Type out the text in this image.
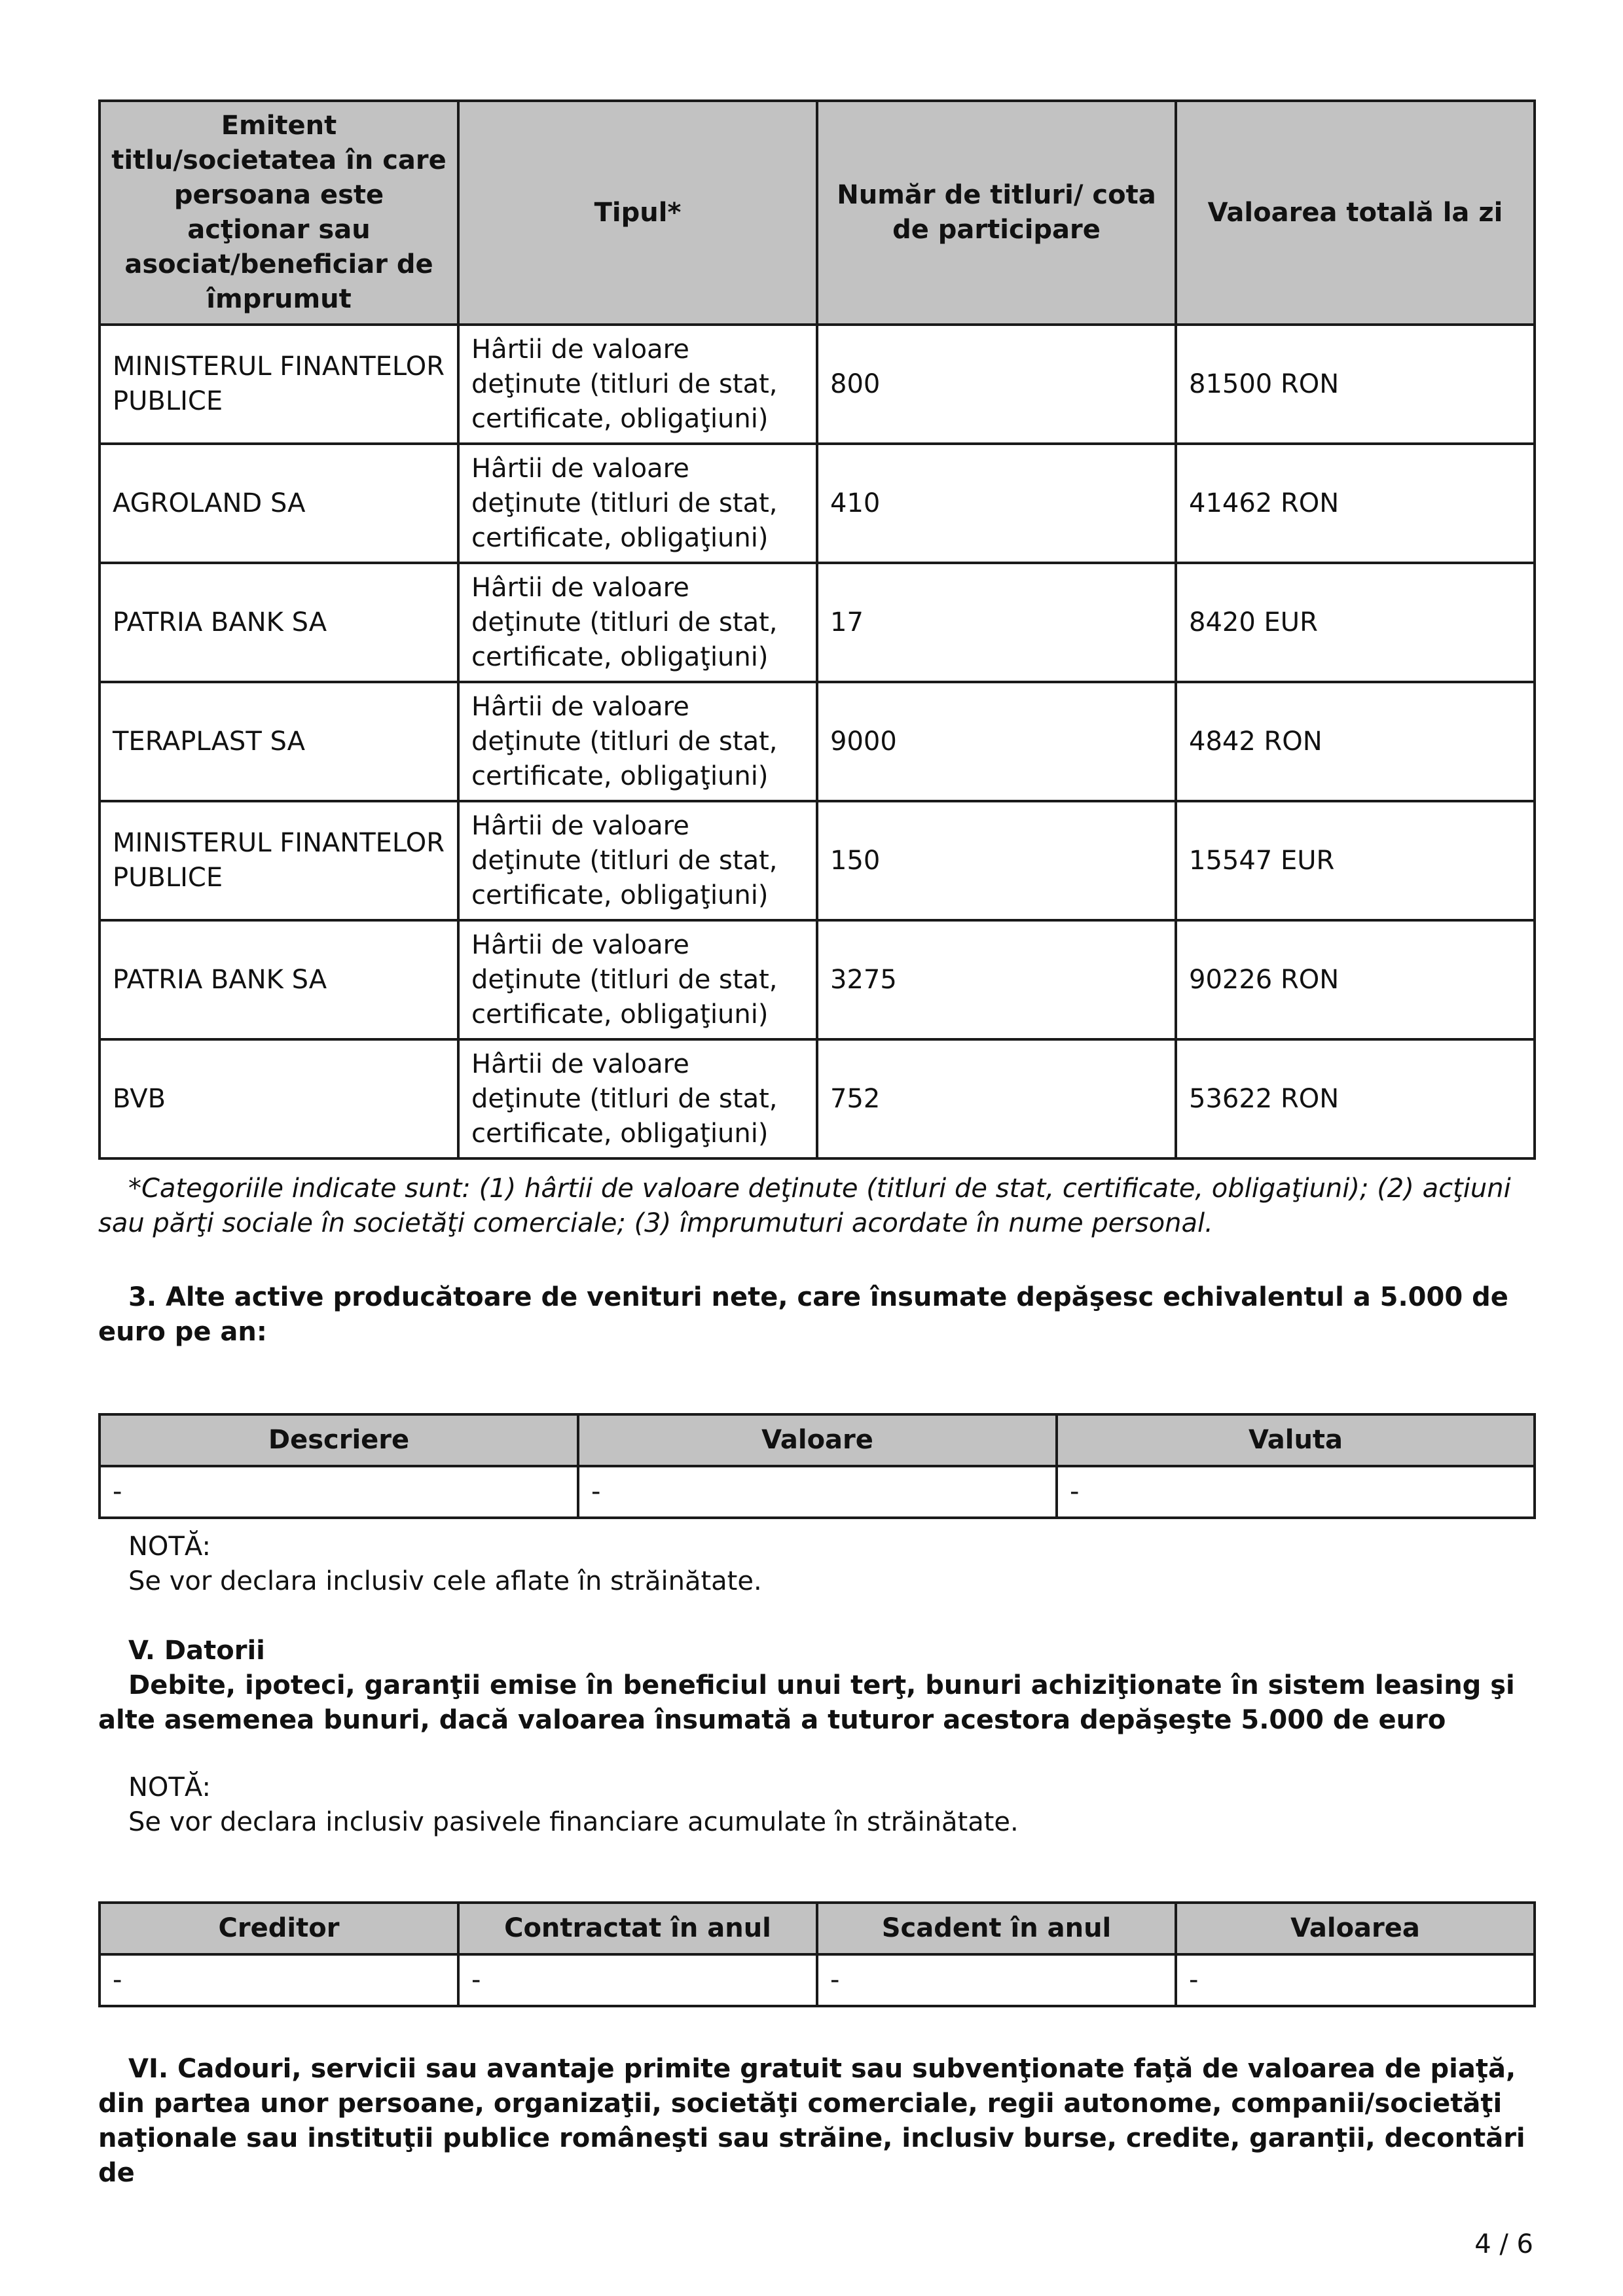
Emitent titlu/societatea în care persoana este acţionar sau asociat/beneficiar de împrumut	Tipul*	Număr de titluri/ cota de participare	Valoarea totală la zi
MINISTERUL FINANTELOR PUBLICE	Hârtii de valoare deţinute (titluri de stat, certificate, obligaţiuni)	800	81500 RON
AGROLAND SA	Hârtii de valoare deţinute (titluri de stat, certificate, obligaţiuni)	410	41462 RON
PATRIA BANK SA	Hârtii de valoare deţinute (titluri de stat, certificate, obligaţiuni)	17	8420 EUR
TERAPLAST SA	Hârtii de valoare deţinute (titluri de stat, certificate, obligaţiuni)	9000	4842 RON
MINISTERUL FINANTELOR PUBLICE	Hârtii de valoare deţinute (titluri de stat, certificate, obligaţiuni)	150	15547 EUR
PATRIA BANK SA	Hârtii de valoare deţinute (titluri de stat, certificate, obligaţiuni)	3275	90226 RON
BVB	Hârtii de valoare deţinute (titluri de stat, certificate, obligaţiuni)	752	53622 RON

*Categoriile indicate sunt: (1) hârtii de valoare deţinute (titluri de stat, certificate, obligaţiuni); (2) acţiuni sau părţi sociale în societăţi comerciale; (3) împrumuturi acordate în nume personal.

3. Alte active producătoare de venituri nete, care însumate depăşesc echivalentul a 5.000 de euro pe an:

Descriere	Valoare	Valuta
-	-	-

NOTĂ:

Se vor declara inclusiv cele aflate în străinătate.

V. Datorii

Debite, ipoteci, garanţii emise în beneficiul unui terţ, bunuri achiziţionate în sistem leasing şi alte asemenea bunuri, dacă valoarea însumată a tuturor acestora depăşeşte 5.000 de euro

NOTĂ:

Se vor declara inclusiv pasivele financiare acumulate în străinătate.

Creditor	Contractat în anul	Scadent în anul	Valoarea
-	-	-	-

VI. Cadouri, servicii sau avantaje primite gratuit sau subvenţionate faţă de valoarea de piaţă, din partea unor persoane, organizaţii, societăţi comerciale, regii autonome, companii/societăţi naţionale sau instituţii publice româneşti sau străine, inclusiv burse, credite, garanţii, decontări de

4 / 6
